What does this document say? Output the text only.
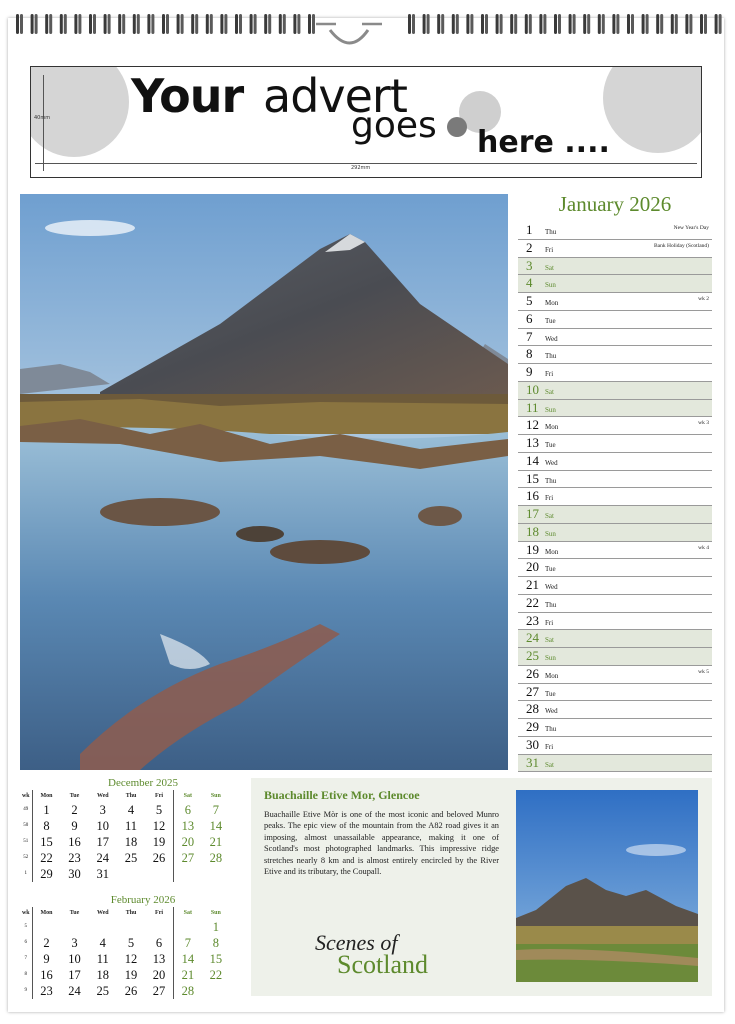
Your advert
goes here ....
40mm
292mm
January 2026
1 Thu	New Year's Day
2 Fri	Bank Holiday (Scotland)
3 Sat
4 Sun
5 Mon	wk 2
6 Tue
7 Wed
8 Thu
9 Fri
10 Sat
11 Sun
12 Mon	wk 3
13 Tue
14 Wed
15 Thu
16 Fri
17 Sat
18 Sun
19 Mon	wk 4
20 Tue
21 Wed
22 Thu
23 Fri
24 Sat
25 Sun
26 Mon	wk 5
27 Tue
28 Wed
29 Thu
30 Fri
31 Sat
December 2025
wk	Mon	Tue	Wed	Thu	Fri	Sat	Sun
49	1	2	3	4	5	6	7
50	8	9	10	11	12	13	14
51	15	16	17	18	19	20	21
52	22	23	24	25	26	27	28
1	29	30	31				
February 2026
wk	Mon	Tue	Wed	Thu	Fri	Sat	Sun
5							1
6	2	3	4	5	6	7	8
7	9	10	11	12	13	14	15
8	16	17	18	19	20	21	22
9	23	24	25	26	27	28	
Buachaille Etive Mor, Glencoe

Buachaille Etive Mòr is one of the most iconic and beloved Munro peaks. The epic view of the mountain from the A82 road gives it an imposing, almost unassailable appearance, making it one of Scotland's most photographed landmarks. This impressive ridge stretches nearly 8 km and is almost entirely encircled by the River Etive and its tributary, the Coupall.

Scenes of
Scotland
